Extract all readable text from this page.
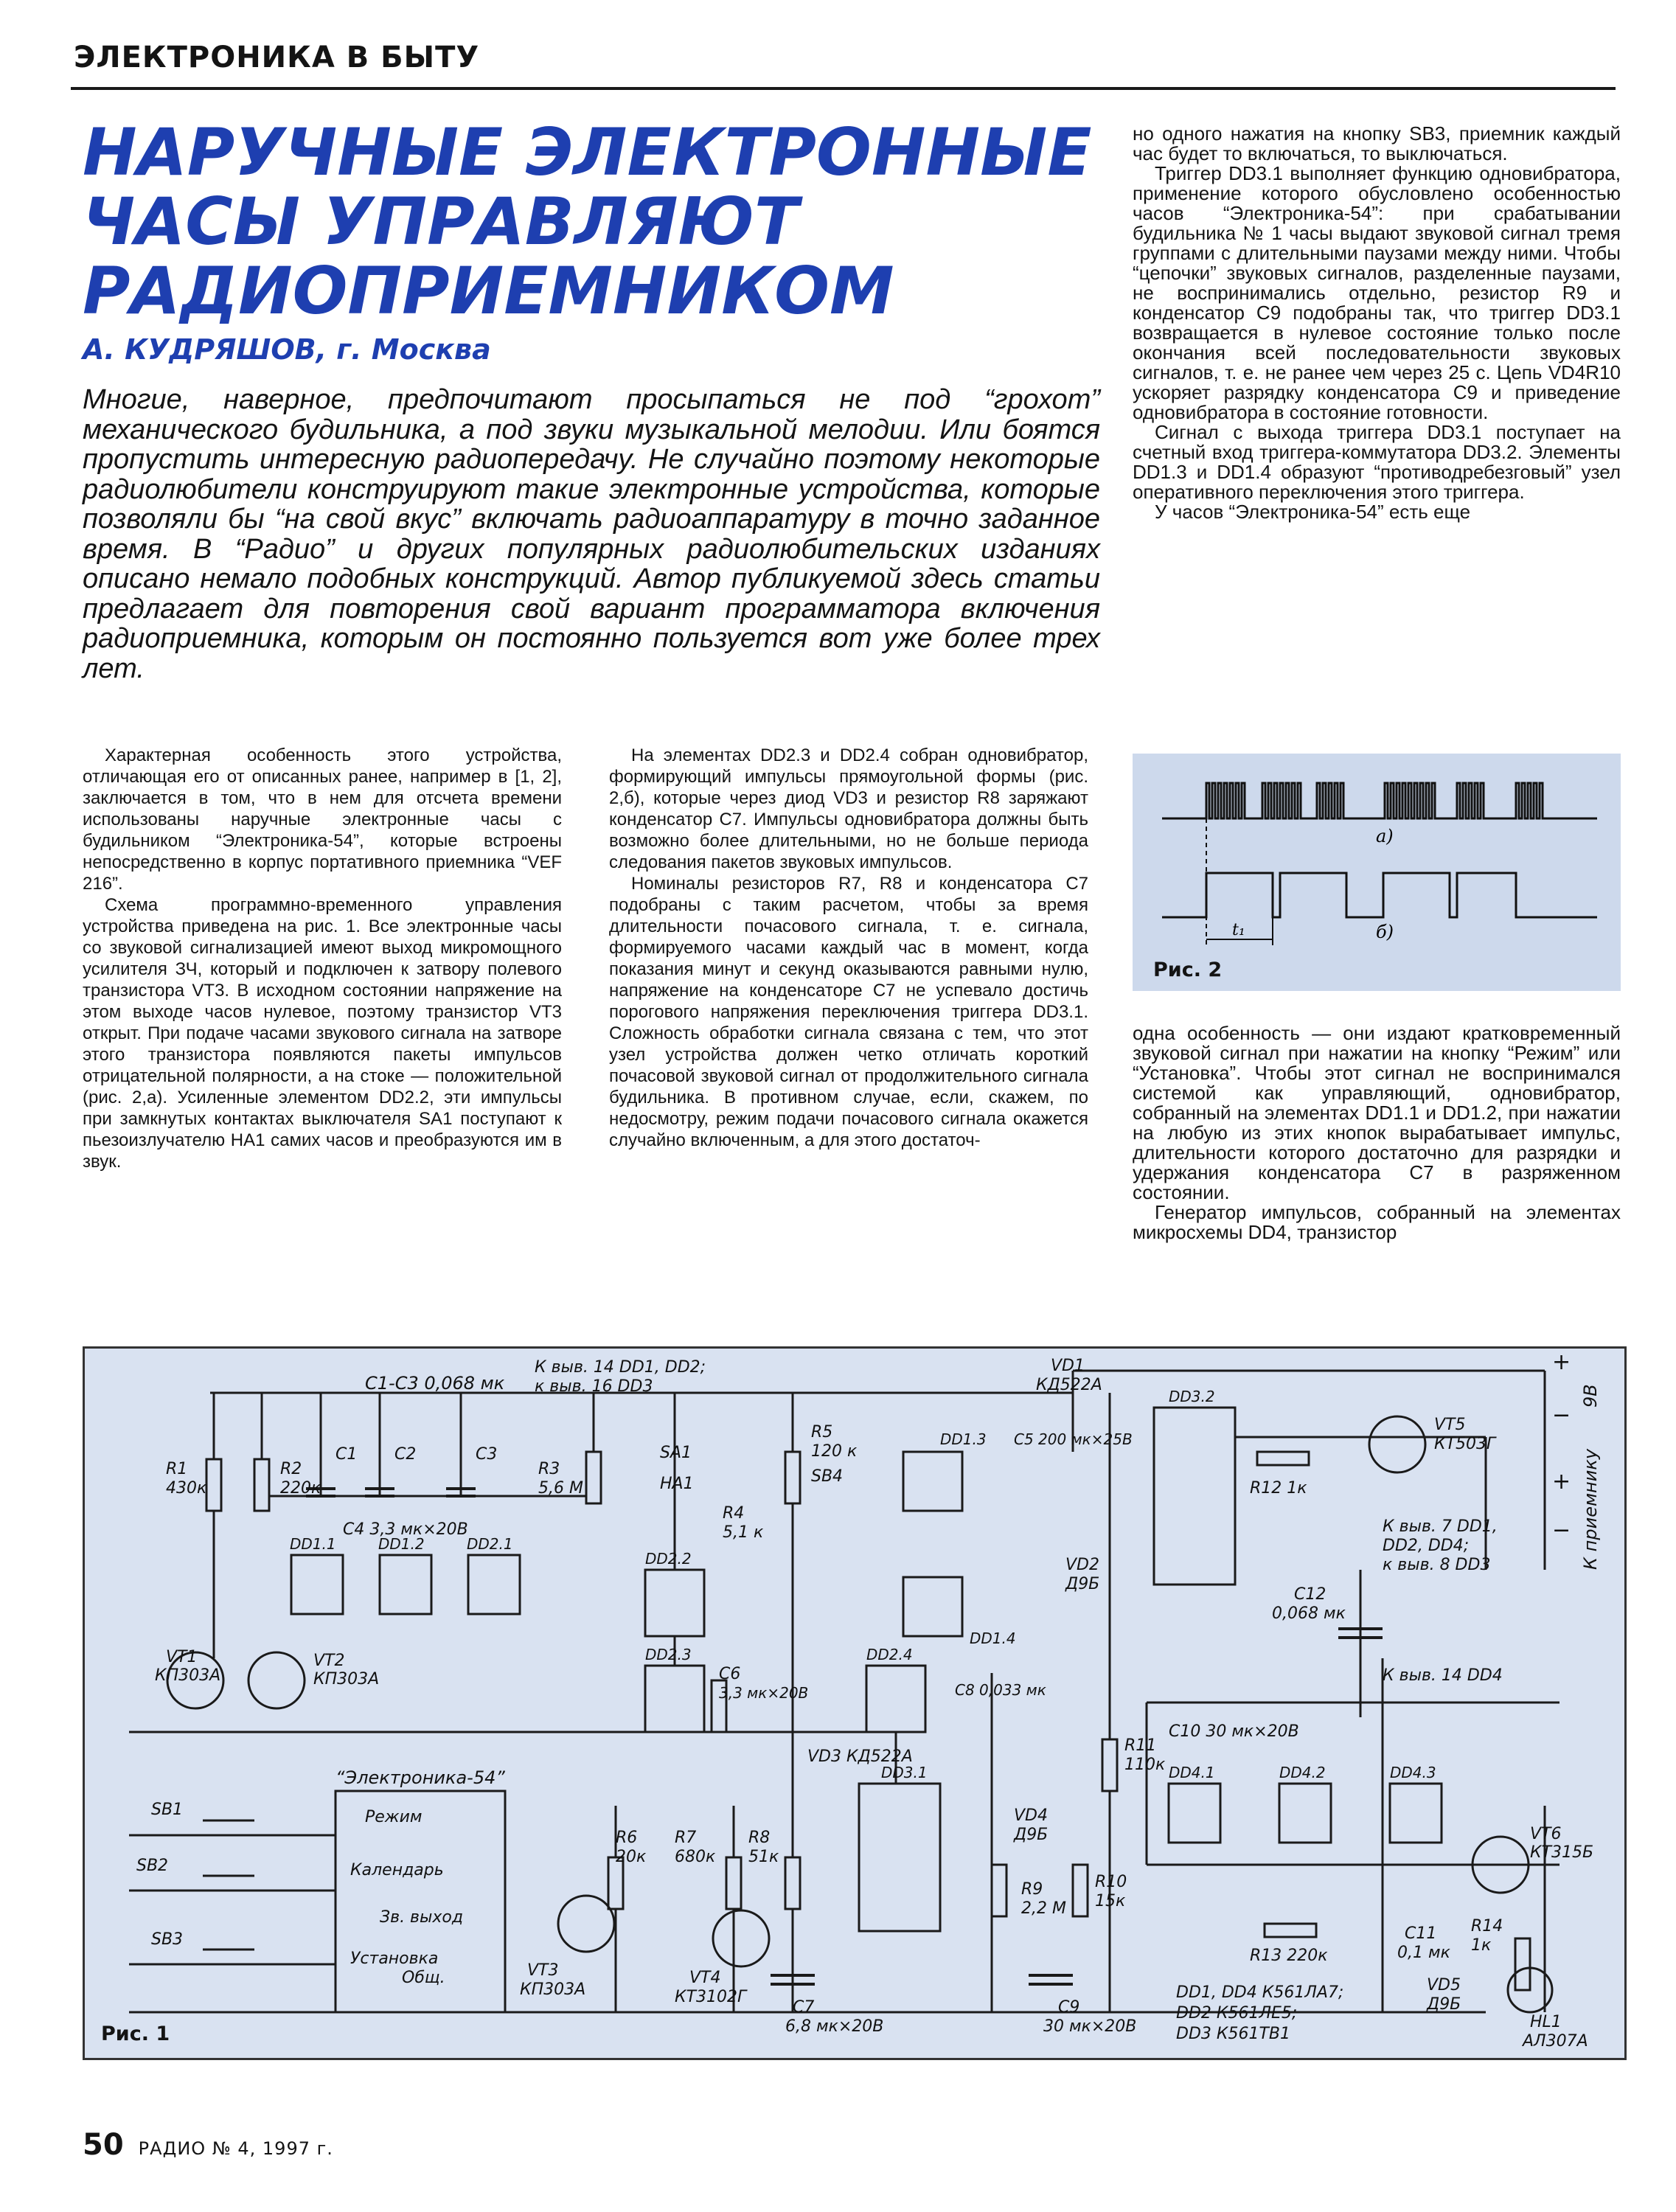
ЭЛЕКТРОНИКА В БЫТУ
НАРУЧНЫЕ ЭЛЕКТРОННЫЕ ЧАСЫ УПРАВЛЯЮТ РАДИОПРИЕМНИКОМ
А. КУДРЯШОВ, г. Москва

Многие, наверное, предпочитают просыпаться не под “грохот” механического будильника, а под звуки музыкальной мелодии. Или боятся пропустить интересную радиопередачу. Не случайно поэтому некоторые радиолюбители конструируют такие электронные устройства, которые позволяли бы “на свой вкус” включать радиоаппаратуру в точно заданное время. В “Радио” и других популярных радиолюбительских изданиях описано немало подобных конструкций. Автор публикуемой здесь статьи предлагает для повторения свой вариант программатора включения радиоприемника, которым он постоянно пользуется вот уже более трех лет.

Характерная особенность этого устройства, отличающая его от описанных ранее, например в [1, 2], заключается в том, что в нем для отсчета времени использованы наручные электронные часы с будильником “Электроника-54”, которые встроены непосредственно в корпус портативного приемника “VEF 216”.

Схема программно-временного управления устройства приведена на рис. 1. Все электронные часы со звуковой сигнализацией имеют выход микромощного усилителя ЗЧ, который и подключен к затвору полевого транзистора VT3. В исходном состоянии напряжение на этом выходе часов нулевое, поэтому транзистор VT3 открыт. При подаче часами звукового сигнала на затворе этого транзистора появляются пакеты импульсов отрицательной полярности, а на стоке — положительной (рис. 2,а). Усиленные элементом DD2.2, эти импульсы при замкнутых контактах выключателя SA1 поступают к пьезоизлучателю HA1 самих часов и преобразуются им в звук.

На элементах DD2.3 и DD2.4 собран одновибратор, формирующий импульсы прямоугольной формы (рис. 2,б), которые через диод VD3 и резистор R8 заряжают конденсатор C7. Импульсы одновибратора должны быть возможно более длительными, но не больше периода следования пакетов звуковых импульсов.

Номиналы резисторов R7, R8 и конденсатора C7 подобраны с таким расчетом, чтобы за время длительности почасового сигнала, т. е. сигнала, формируемого часами каждый час в момент, когда показания минут и секунд оказываются равными нулю, напряжение на конденсаторе C7 не успевало достичь порогового напряжения переключения триггера DD3.1. Сложность обработки сигнала связана с тем, что этот узел устройства должен четко отличать короткий почасовой звуковой сигнал от продолжительного сигнала будильника. В противном случае, если, скажем, по недосмотру, режим подачи почасового сигнала окажется случайно включенным, а для этого достаточ-

но одного нажатия на кнопку SB3, приемник каждый час будет то включаться, то выключаться.

Триггер DD3.1 выполняет функцию одновибратора, применение которого обусловлено особенностью часов “Электроника-54”: при срабатывании будильника № 1 часы выдают звуковой сигнал тремя группами с длительными паузами между ними. Чтобы “цепочки” звуковых сигналов, разделенные паузами, не воспринимались отдельно, резистор R9 и конденсатор C9 подобраны так, что триггер DD3.1 возвращается в нулевое состояние только после окончания всей последовательности звуковых сигналов, т. е. не ранее чем через 25 с. Цепь VD4R10 ускоряет разрядку конденсатора C9 и приведение одновибратора в состояние готовности.

Сигнал с выхода триггера DD3.1 поступает на счетный вход триггера-коммутатора DD3.2. Элементы DD1.3 и DD1.4 образуют “противодребезговый” узел оперативного переключения этого триггера.

У часов “Электроника-54” есть еще

а)
б)
t₁
Рис. 2

одна особенность — они издают кратковременный звуковой сигнал при нажатии на кнопку “Режим” или “Установка”. Чтобы этот сигнал не воспринимался системой как управляющий, одновибратор, собранный на элементах DD1.1 и DD1.2, при нажатии на любую из этих кнопок вырабатывает импульс, длительности которого достаточно для разрядки и удержания конденсатора C7 в разряженном состоянии.

Генератор импульсов, собранный на элементах микросхемы DD4, транзистор

C1-C3 0,068 мк
К выв. 14 DD1, DD2;
к выв. 16 DD3
R1
430к
R2
220к
C1 C2	C3
R3
5,6 М
C4 3,3 мк×20В
DD1.1	DD1.2	DD2.1
DD2.2
DD2.3	DD2.4
DD1.3
DD1.4
DD3.1
DD3.2
DD4.1	DD4.2	DD4.3
VT1
КП303А
VT2
КП303А
VT3
КП303А
VT4
КТ3102Г
VT5
КТ503Г
VT6
КТ315Б
SA1
HA1
R4
5,1 к
R5
120 к
SB4
C6
3,3 мк×20В
VD1
КД522А
VD2
Д9Б
VD3 КД522А
C5 200 мк×25В
R6
20к
R7
680к
R8
51к
C7
6,8 мк×20В
C8 0,033 мк
R9
2,2 М
R10
15к
VD4
Д9Б
C9
30 мк×20В
R11
110к
C10 30 мк×20В
R12 1к
C12
0,068 мк
R13 220к
C11
0,1 мк
R14
1к
VD5
Д9Б
HL1
АЛ307А
К выв. 14 DD4
К выв. 7 DD1,
DD2, DD4;
к выв. 8 DD3	К приемнику
9В
+
−
+
−
DD1, DD4 К561ЛА7;
DD2 К561ЛЕ5;
DD3 К561ТВ1
“Электроника-54”
Режим
Календарь
Зв. выход
Установка
Общ.
SB1
SB2
SB3
Рис. 1
50 РАДИО № 4, 1997 г.
